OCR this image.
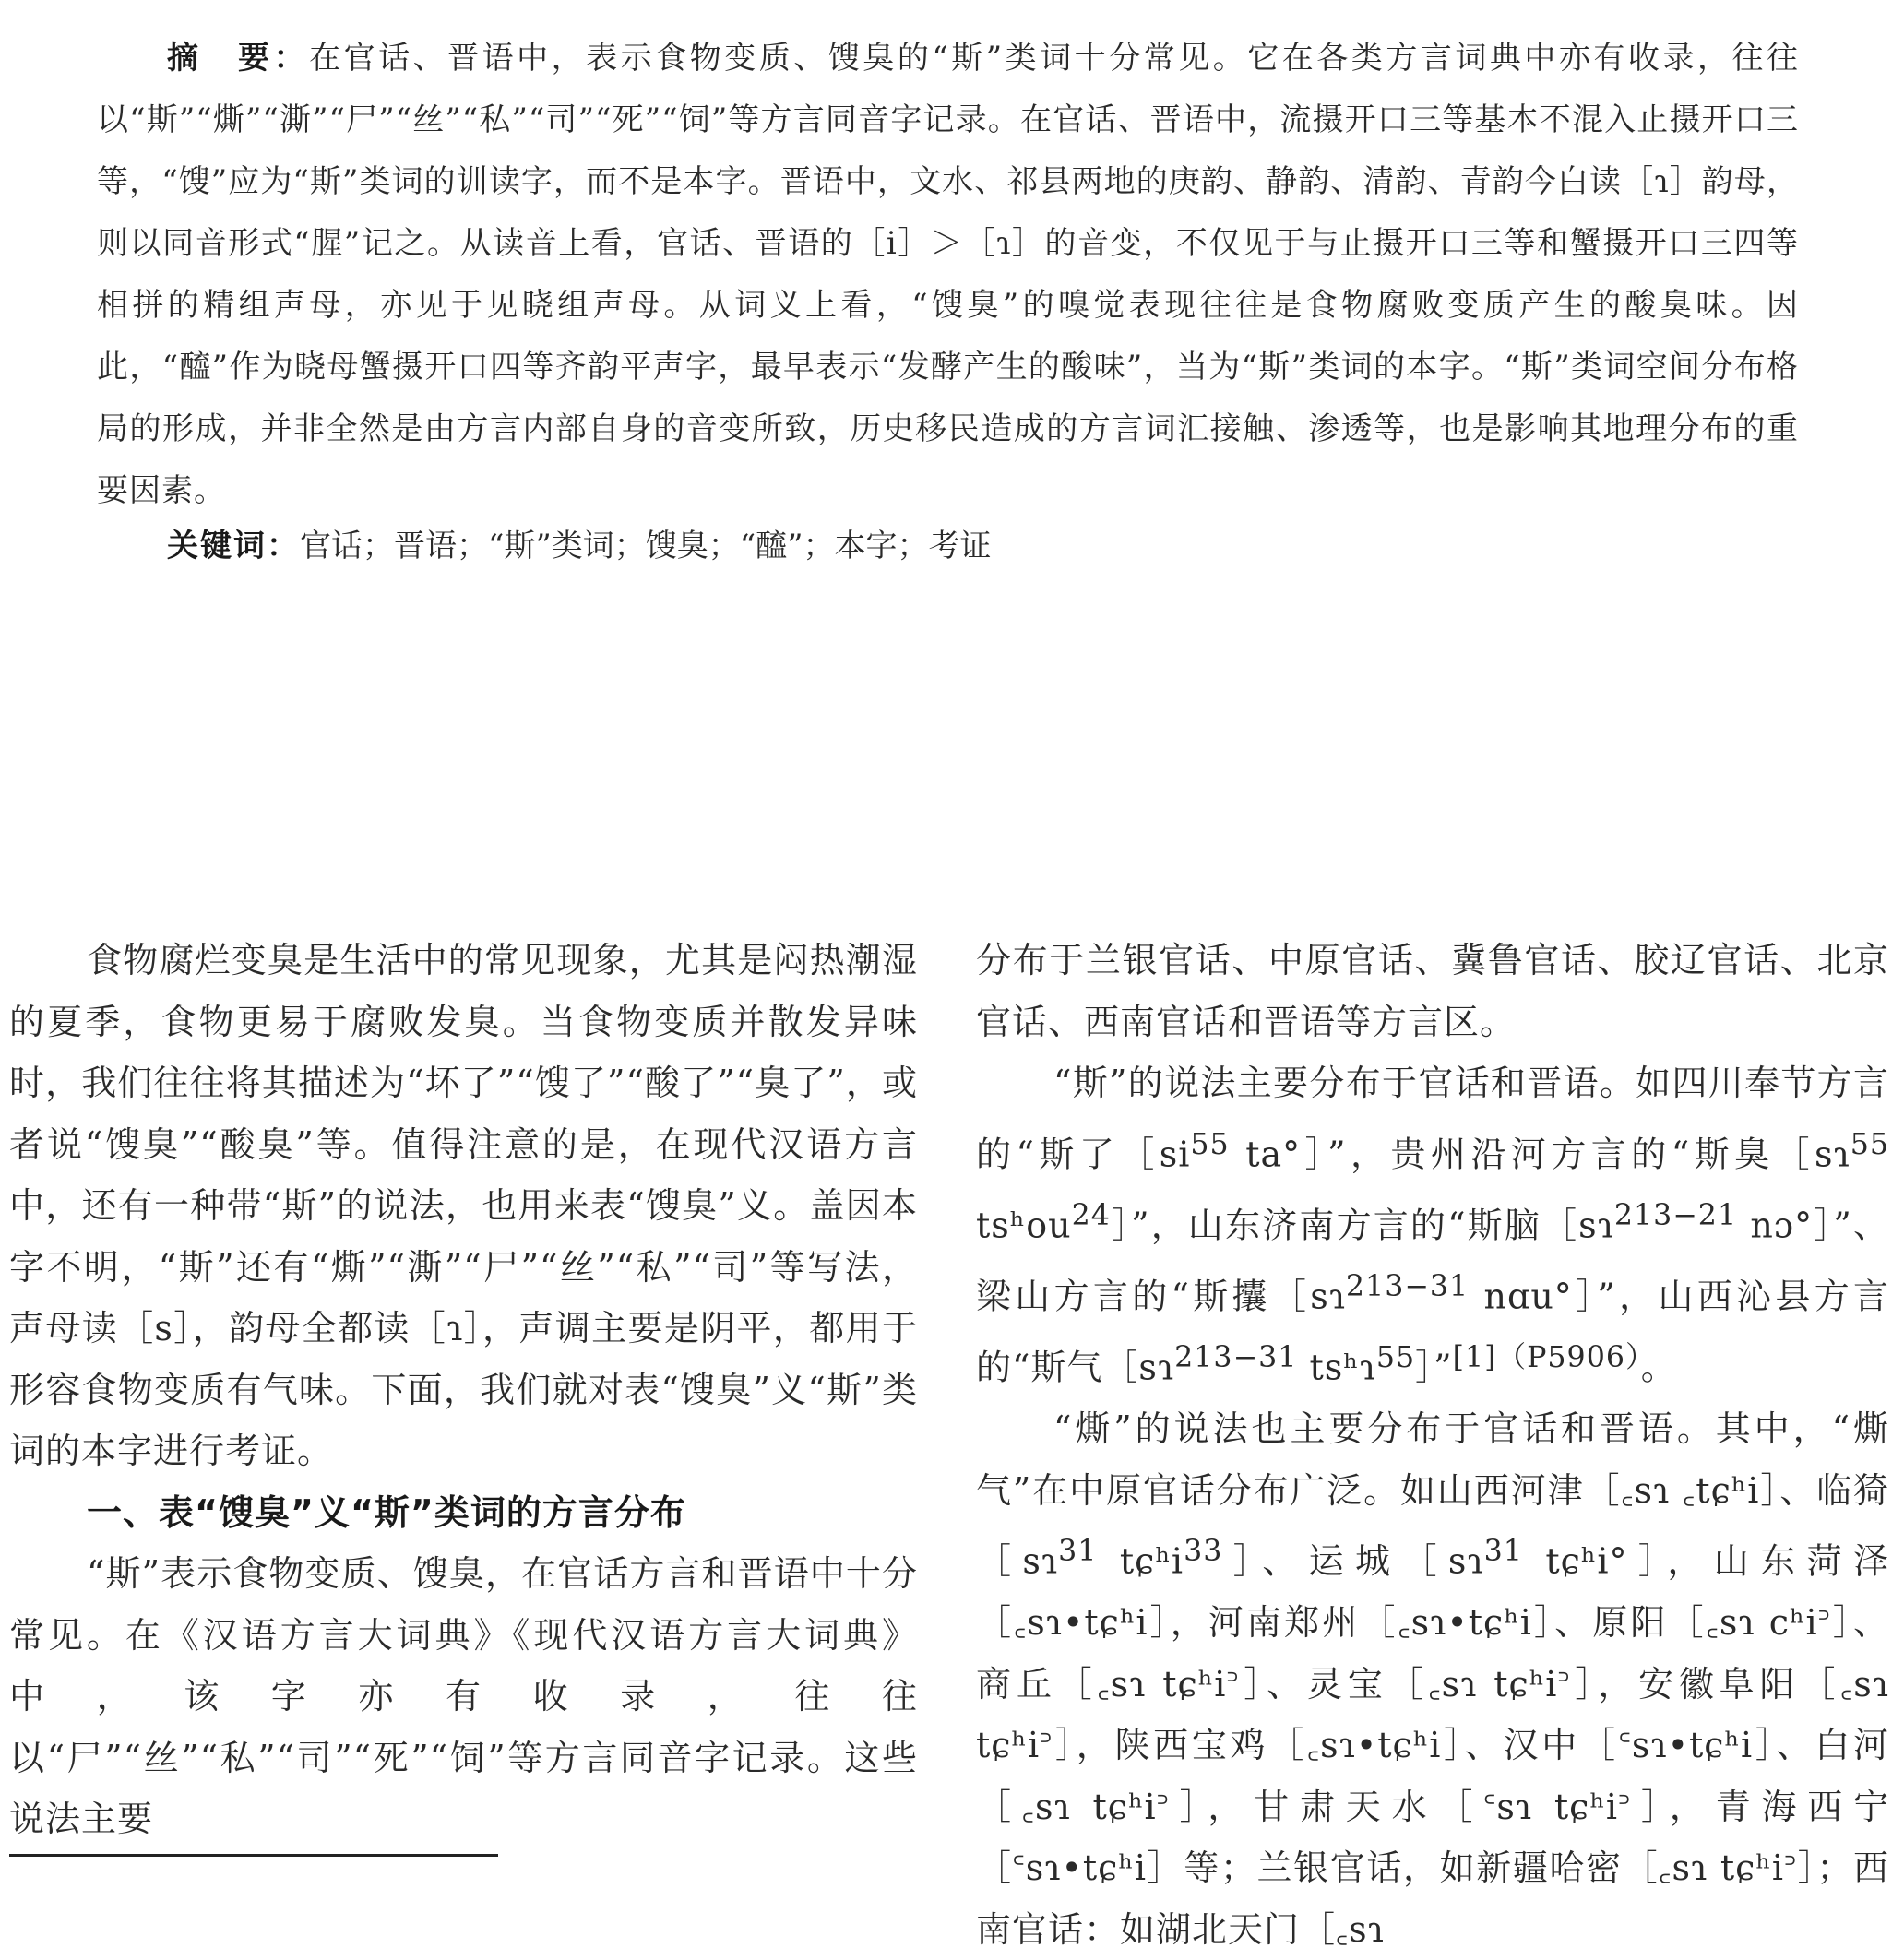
摘　要：在官话、晋语中，表示食物变质、馊臭的“斯”类词十分常见。它在各类方言词典中亦有收录，往往以“斯”“燍”“澌”“尸”“丝”“私”“司”“死”“饲”等方言同音字记录。在官话、晋语中，流摄开口三等基本不混入止摄开口三等，“馊”应为“斯”类词的训读字，而不是本字。晋语中，文水、祁县两地的庚韵、静韵、清韵、青韵今白读［ɿ］韵母，则以同音形式“腥”记之。从读音上看，官话、晋语的［i］＞［ɿ］的音变，不仅见于与止摄开口三等和蟹摄开口三四等相拼的精组声母，亦见于见晓组声母。从词义上看，“馊臭”的嗅觉表现往往是食物腐败变质产生的酸臭味。因此，“醯”作为晓母蟹摄开口四等齐韵平声字，最早表示“发酵产生的酸味”，当为“斯”类词的本字。“斯”类词空间分布格局的形成，并非全然是由方言内部自身的音变所致，历史移民造成的方言词汇接触、渗透等，也是影响其地理分布的重要因素。
关键词：官话；晋语；“斯”类词；馊臭；“醯”；本字；考证

食物腐烂变臭是生活中的常见现象，尤其是闷热潮湿的夏季，食物更易于腐败发臭。当食物变质并散发异味时，我们往往将其描述为“坏了”“馊了”“酸了”“臭了”，或者说“馊臭”“酸臭”等。值得注意的是，在现代汉语方言中，还有一种带“斯”的说法，也用来表“馊臭”义。盖因本字不明，“斯”还有“燍”“澌”“尸”“丝”“私”“司”等写法，声母读［s］，韵母全都读［ɿ］，声调主要是阴平，都用于形容食物变质有气味。下面，我们就对表“馊臭”义“斯”类词的本字进行考证。

一、表“馊臭”义“斯”类词的方言分布

“斯”表示食物变质、馊臭，在官话方言和晋语中十分常见。在《汉语方言大词典》《现代汉语方言大词典》中，该字亦有收录，往往以“尸”“丝”“私”“司”“死”“饲”等方言同音字记录。这些说法主要

分布于兰银官话、中原官话、冀鲁官话、胶辽官话、北京官话、西南官话和晋语等方言区。

“斯”的说法主要分布于官话和晋语。如四川奉节方言的“斯了$[si^{55}$ ta°］”，贵州沿河方言的“斯臭［sɿ$^{55}$ tsʰou$^{24}$］”，山东济南方言的“斯脑［sɿ$^{213-21}$ nɔ°］”、梁山方言的“斯攮［sɿ$^{213-31}$ nɑu°］”，山西沁县方言的“斯气［sɿ$^{213-31}$ tsʰɿ$^{55}$］”$^{[1](P5906)}$。

“燍”的说法也主要分布于官话和晋语。其中，“燍气”在中原官话分布广泛。如山西河津［꜀sɿ ꜀tɕʰi］、临猗［sɿ$^{31}$ tɕʰi$^{33}$］、运城［sɿ$^{31}$ tɕʰi°］，山东菏泽［꜀sɿ•tɕʰi］，河南郑州［꜀sɿ•tɕʰi］、原阳［꜀sɿ cʰi꜄］、商丘［꜀sɿ tɕʰi꜄］、灵宝［꜀sɿ tɕʰi꜄］，安徽阜阳［꜀sɿ tɕʰi꜄］，陕西宝鸡［꜀sɿ•tɕʰi］、汉中［꜂sɿ•tɕʰi］、白河［꜀sɿ tɕʰi꜄］，甘肃天水［꜂sɿ tɕʰi꜄］，青海西宁［꜂sɿ•tɕʰi］等；兰银官话，如新疆哈密［꜀sɿ tɕʰi꜄］；西南官话：如湖北天门［꜀sɿ
